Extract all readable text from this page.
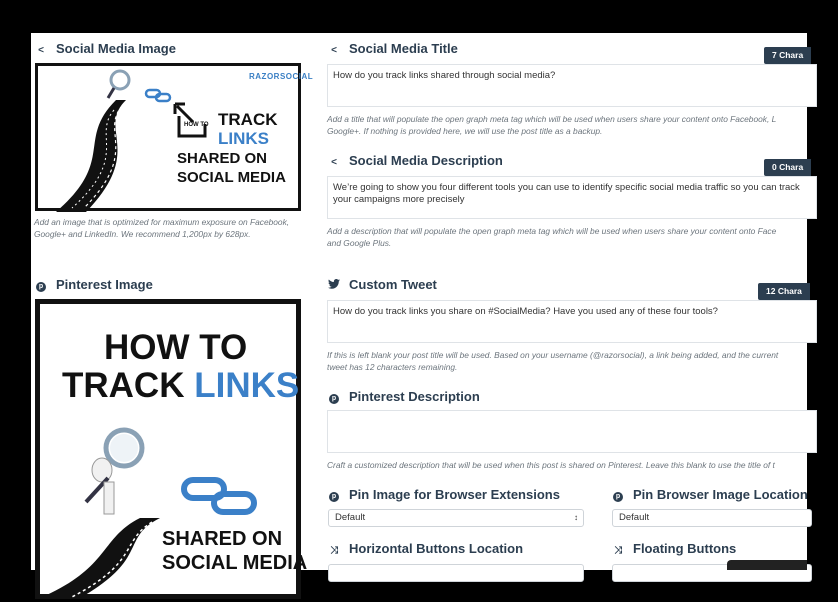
< Social Media Image
RAZORSOCIAL
HOW TO TRACK
LINKS
SHARED ON
SOCIAL MEDIA
Add an image that is optimized for maximum exposure on Facebook, Google+ and LinkedIn. We recommend 1,200px by 628px.
p Pinterest Image
HOW TO
TRACK LINKS
SHARED ON
SOCIAL MEDIA
< Social Media Title	7 Chara
How do you track links shared through social media?
Add a title that will populate the open graph meta tag which will be used when users share your content onto Facebook, L
Google+. If nothing is provided here, we will use the post title as a backup.
< Social Media Description	0 Chara
We’re going to show you four different tools you can use to identify specific social media traffic so you can track
your campaigns more precisely
Add a description that will populate the open graph meta tag which will be used when users share your content onto Face
and Google Plus.
Custom Tweet	12 Chara
How do you track links you share on #SocialMedia? Have you used any of these four tools?
If this is left blank your post title will be used. Based on your username (@razorsocial), a link being added, and the current
tweet has 12 characters remaining.
p Pinterest Description
Craft a customized description that will be used when this post is shared on Pinterest. Leave this blank to use the title of t
p Pin Image for Browser Extensions
Default	↕
p Pin Browser Image Location
Default
⤨ Horizontal Buttons Location	⤨ Floating Buttons
